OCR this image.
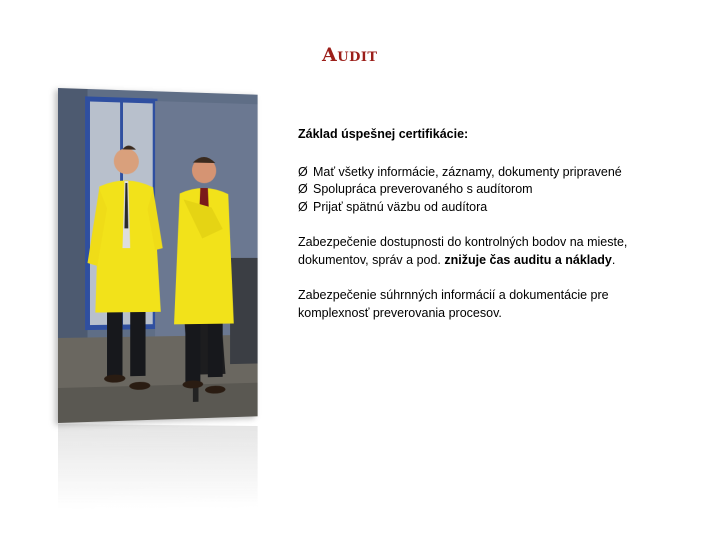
Audit
Základ úspešnej certifikácie:
Ø Mať všetky informácie, záznamy, dokumenty pripravené
Ø Spolupráca preverovaného s audítorom
Ø Prijať spätnú väzbu od audítora
Zabezpečenie dostupnosti do kontrolných bodov na mieste,
dokumentov, správ a pod. znižuje čas auditu a náklady.
Zabezpečenie súhrnných informácií a dokumentácie pre
komplexnosť preverovania procesov.
